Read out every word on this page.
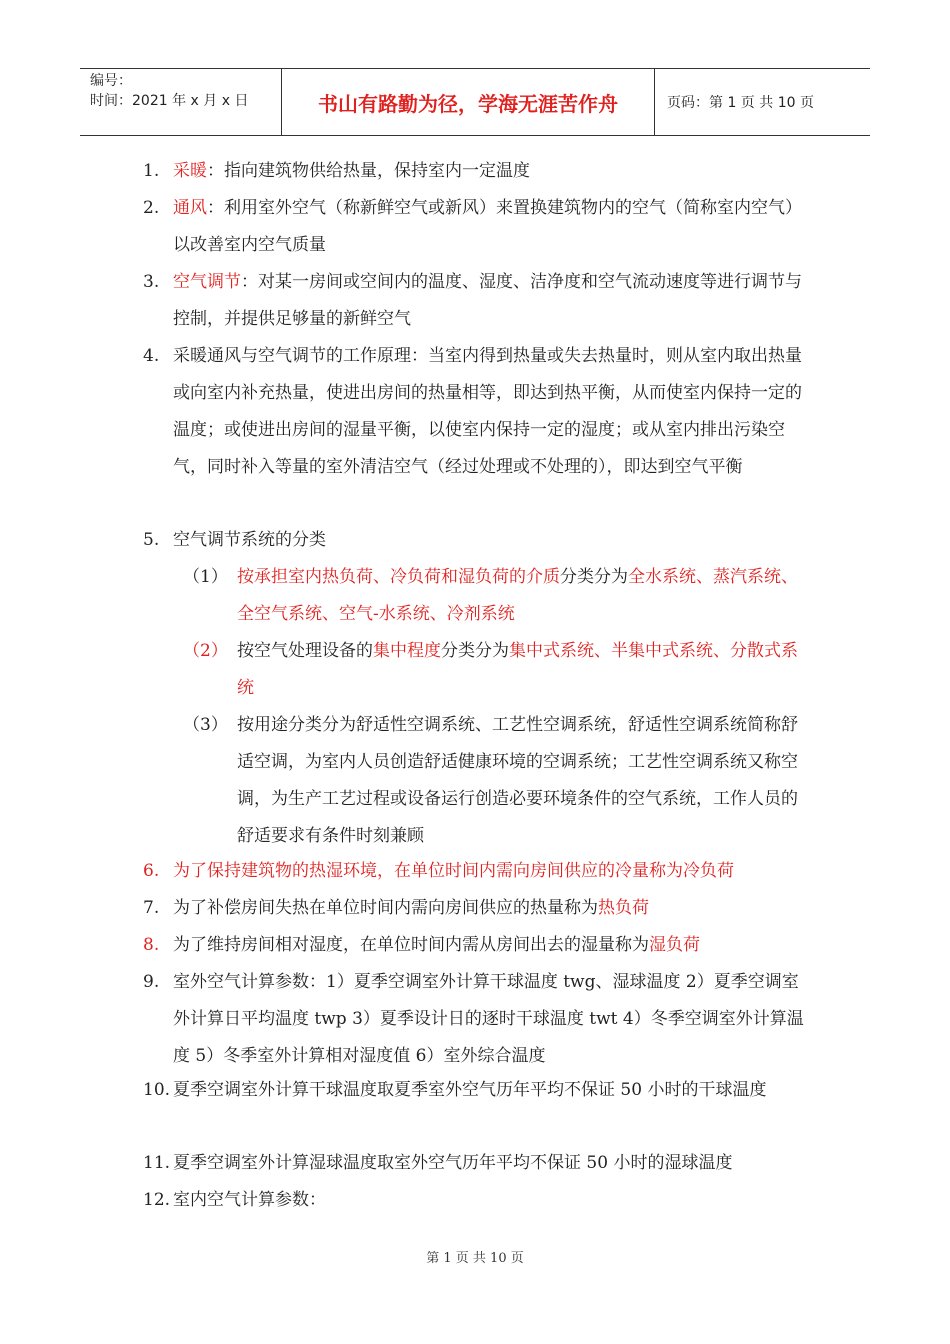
编号：
时间：2021 年 x 月 x 日	书山有路勤为径，学海无涯苦作舟	页码：第 1 页 共 10 页
1. 采暖：指向建筑物供给热量，保持室内一定温度
2. 通风：利用室外空气（称新鲜空气或新风）来置换建筑物内的空气（简称室内空气）以改善室内空气质量
3. 空气调节：对某一房间或空间内的温度、湿度、洁净度和空气流动速度等进行调节与控制，并提供足够量的新鲜空气
4. 采暖通风与空气调节的工作原理：当室内得到热量或失去热量时，则从室内取出热量或向室内补充热量，使进出房间的热量相等，即达到热平衡，从而使室内保持一定的温度；或使进出房间的湿量平衡，以使室内保持一定的湿度；或从室内排出污染空气，同时补入等量的室外清洁空气（经过处理或不处理的），即达到空气平衡
5. 空气调节系统的分类
（1） 按承担室内热负荷、冷负荷和湿负荷的介质分类分为全水系统、蒸汽系统、全空气系统、空气-水系统、冷剂系统
（2） 按空气处理设备的集中程度分类分为集中式系统、半集中式系统、分散式系统
（3） 按用途分类分为舒适性空调系统、工艺性空调系统，舒适性空调系统简称舒适空调，为室内人员创造舒适健康环境的空调系统；工艺性空调系统又称空调，为生产工艺过程或设备运行创造必要环境条件的空气系统，工作人员的舒适要求有条件时刻兼顾
6. 为了保持建筑物的热湿环境，在单位时间内需向房间供应的冷量称为冷负荷
7. 为了补偿房间失热在单位时间内需向房间供应的热量称为热负荷
8. 为了维持房间相对湿度，在单位时间内需从房间出去的湿量称为湿负荷
9. 室外空气计算参数：1）夏季空调室外计算干球温度 twg、湿球温度 2）夏季空调室外计算日平均温度 twp 3）夏季设计日的逐时干球温度 twt 4）冬季空调室外计算温度 5）冬季室外计算相对湿度值 6）室外综合温度
10. 夏季空调室外计算干球温度取夏季室外空气历年平均不保证 50 小时的干球温度
11. 夏季空调室外计算湿球温度取室外空气历年平均不保证 50 小时的湿球温度
12. 室内空气计算参数：
第 1 页 共 10 页
